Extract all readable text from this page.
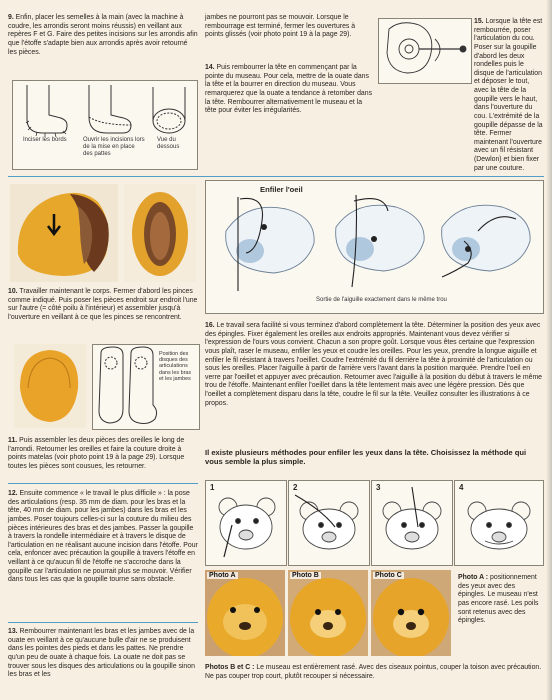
9. Enfin, placer les semelles à la main (avec la machine à coudre, les arrondis seront moins réussis) en veillant aux repères F et G. Faire des petites incisions sur les arrondis afin que l'étoffe s'adapte bien aux arrondis après avoir retourné les pièces.
Inciser les bords	Ouvrir les incisions lors de la mise en place des pattes
Vue du dessous
jambes ne pourront pas se mouvoir. Lorsque le rembourrage est terminé, fermer les ouvertures à points glissés (voir photo point 19 à la page 29).
14. Puis rembourrer la tête en commençant par la pointe du museau. Pour cela, mettre de la ouate dans la tête et la bourrer en direction du museau. Vous remarquerez que la ouate a tendance à retomber dans la tête. Rembourrer alternativement le museau et la tête pour éviter les irrégularités.
15. Lorsque la tête est rembourrée, poser l'articulation du cou. Poser sur la goupille d'abord les deux rondelles puis le disque de l'articulation et déposer le tout, avec la tête de la goupille vers le haut, dans l'ouverture du cou. L'extrémité de la goupille dépasse de la tête. Fermer maintenant l'ouverture avec un fil résistant (Dewlon) et bien fixer par une couture.
10. Travailler maintenant le corps. Fermer d'abord les pinces comme indiqué. Puis poser les pièces endroit sur endroit l'une sur l'autre (= côté poilu à l'intérieur) et assembler jusqu'à l'ouverture en veillant à ce que les pinces se rencontrent.
Enfiler l'oeil
Sortie de l'aiguille exactement dans le même trou
16. Le travail sera facilité si vous terminez d'abord complètement la tête. Déterminer la position des yeux avec des épingles. Fixer également les oreilles aux endroits appropriés. Maintenant vous devez vérifier si l'expression de l'ours vous convient. Chacun a son propre goût. Lorsque vous êtes certaine que l'expression vous plaît, raser le museau, enfiler les yeux et coudre les oreilles. Pour les yeux, prendre la longue aiguille et enfiler le fil résistant à travers l'oeillet. Coudre l'extrémité du fil derrière la tête à proximité de l'articulation ou sous les oreilles. Placer l'aiguille à partir de l'arrière vers l'avant dans la position marquée. Prendre l'oeil en verre par l'oeillet et appuyer avec précaution. Retourner avec l'aiguille à la position du début à travers le même trou de l'étoffe. Maintenant enfiler l'oeillet dans la tête lentement mais avec une légère pression. Dès que l'oeillet a complètement disparu dans la tête, coudre le fil sur la tête. Veuillez consulter les illustrations à ce propos.
Position des disques des articulations dans les bras et les jambes
11. Puis assembler les deux pièces des oreilles le long de l'arrondi. Retourner les oreilles et faire la couture droite à points matelas (voir photo point 19 à la page 29). Lorsque toutes les pièces sont cousues, les retourner.
12. Ensuite commence « le travail le plus difficile » : la pose des articulations (resp. 35 mm de diam. pour les bras et la tête, 40 mm de diam. pour les jambes) dans les bras et les jambes. Poser toujours celles-ci sur la couture du milieu des pièces intérieures des bras et des jambes. Passer la goupille à travers la rondelle intermédiaire et à travers le disque de l'articulation en ne réalisant aucune incision dans l'étoffe. Pour cela, enfoncer avec précaution la goupille à travers l'étoffe en veillant à ce qu'aucun fil de l'étoffe ne s'accroche dans la goupille car l'articulation ne pourrait plus se mouvoir. Vérifier dans tous les cas que la goupille tourne sans obstacle.
13. Rembourrer maintenant les bras et les jambes avec de la ouate en veillant à ce qu'aucune bulle d'air ne se produisent dans les pointes des pieds et dans les pattes. Ne prendre qu'un peu de ouate à chaque fois. La ouate ne doit pas se trouver sous les disques des articulations ou la goupille sinon les bras et les
Il existe plusieurs méthodes pour enfiler les yeux dans la tête. Choisissez la méthode qui vous semble la plus simple.
1	2	3	4
Photo A	Photo B	Photo C	Photo A : positionnement des yeux avec des épingles. Le museau n'est pas encore rasé. Les poils sont retenus avec des épingles.
Photos B et C : Le museau est entièrement rasé. Avec des ciseaux pointus, couper la toison avec précaution. Ne pas couper trop court, plutôt recouper si nécessaire.
